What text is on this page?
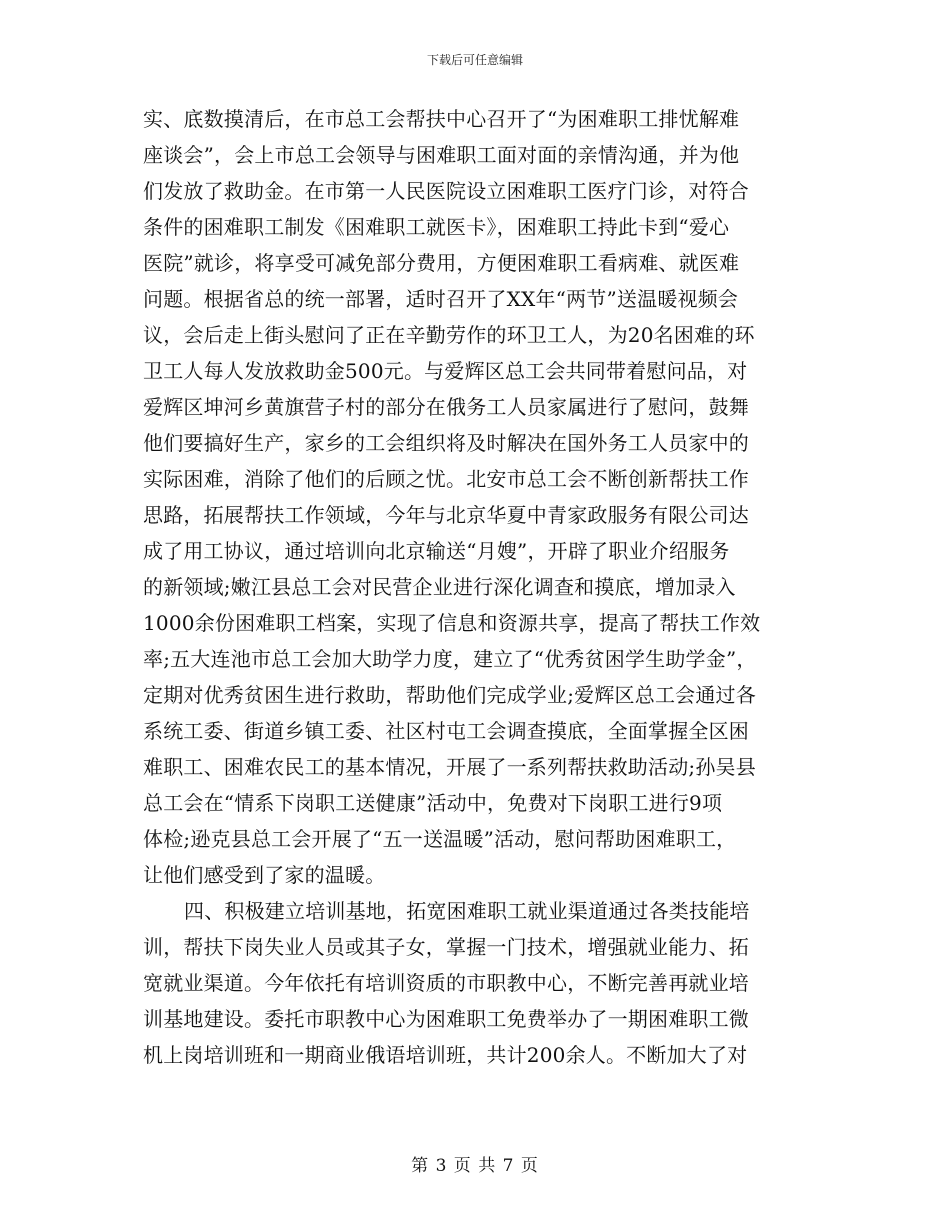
下载后可任意编辑
实、底数摸清后，在市总工会帮扶中心召开了“为困难职工排忧解难
座谈会”，会上市总工会领导与困难职工面对面的亲情沟通，并为他
们发放了救助金。在市第一人民医院设立困难职工医疗门诊，对符合
条件的困难职工制发《困难职工就医卡》，困难职工持此卡到“爱心
医院”就诊，将享受可减免部分费用，方便困难职工看病难、就医难
问题。根据省总的统一部署，适时召开了XX年“两节”送温暖视频会
议，会后走上街头慰问了正在辛勤劳作的环卫工人，为20名困难的环
卫工人每人发放救助金500元。与爱辉区总工会共同带着慰问品，对
爱辉区坤河乡黄旗营子村的部分在俄务工人员家属进行了慰问，鼓舞
他们要搞好生产，家乡的工会组织将及时解决在国外务工人员家中的
实际困难，消除了他们的后顾之忧。北安市总工会不断创新帮扶工作
思路，拓展帮扶工作领域，今年与北京华夏中青家政服务有限公司达
成了用工协议，通过培训向北京输送“月嫂”，开辟了职业介绍服务
的新领域;嫩江县总工会对民营企业进行深化调查和摸底，增加录入
1000余份困难职工档案，实现了信息和资源共享，提高了帮扶工作效
率;五大连池市总工会加大助学力度，建立了“优秀贫困学生助学金”，
定期对优秀贫困生进行救助，帮助他们完成学业;爱辉区总工会通过各
系统工委、街道乡镇工委、社区村屯工会调查摸底，全面掌握全区困
难职工、困难农民工的基本情况，开展了一系列帮扶救助活动;孙吴县
总工会在“情系下岗职工送健康”活动中，免费对下岗职工进行9项
体检;逊克县总工会开展了“五一送温暖”活动，慰问帮助困难职工，
让他们感受到了家的温暖。
四、积极建立培训基地，拓宽困难职工就业渠道通过各类技能培
训，帮扶下岗失业人员或其子女，掌握一门技术，增强就业能力、拓
宽就业渠道。今年依托有培训资质的市职教中心，不断完善再就业培
训基地建设。委托市职教中心为困难职工免费举办了一期困难职工微
机上岗培训班和一期商业俄语培训班，共计200余人。不断加大了对
第 3 页 共 7 页
